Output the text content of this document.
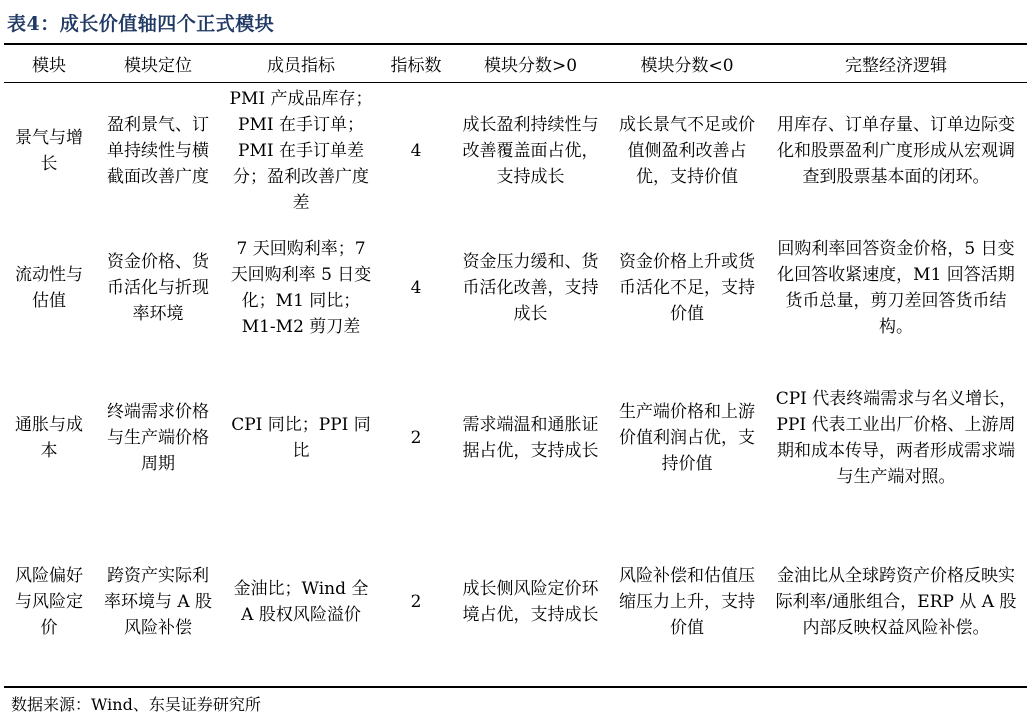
表4：成长价值轴四个正式模块
模块	模块定位	成员指标	指标数	模块分数>0	模块分数<0	完整经济逻辑
景气与增长	盈利景气、订单持续性与横截面改善广度	PMI 产成品库存；PMI 在手订单；PMI 在手订单差分；盈利改善广度差	4	成长盈利持续性与改善覆盖面占优，支持成长	成长景气不足或价值侧盈利改善占优，支持价值	用库存、订单存量、订单边际变化和股票盈利广度形成从宏观调查到股票基本面的闭环。
流动性与估值	资金价格、货币活化与折现率环境	7 天回购利率；7 天回购利率 5 日变化；M1 同比；M1-M2 剪刀差	4	资金压力缓和、货币活化改善，支持成长	资金价格上升或货币活化不足，支持价值	回购利率回答资金价格，5 日变化回答收紧速度，M1 回答活期货币总量，剪刀差回答货币结构。
通胀与成本	终端需求价格与生产端价格周期	CPI 同比；PPI 同比	2	需求端温和通胀证据占优，支持成长	生产端价格和上游价值利润占优，支持价值	CPI 代表终端需求与名义增长，PPI 代表工业出厂价格、上游周期和成本传导，两者形成需求端与生产端对照。
风险偏好与风险定价	跨资产实际利率环境与 A 股风险补偿	金油比；Wind 全 A 股权风险溢价	2	成长侧风险定价环境占优，支持成长	风险补偿和估值压缩压力上升，支持价值	金油比从全球跨资产价格反映实际利率/通胀组合，ERP 从 A 股内部反映权益风险补偿。
数据来源：Wind、东吴证券研究所
